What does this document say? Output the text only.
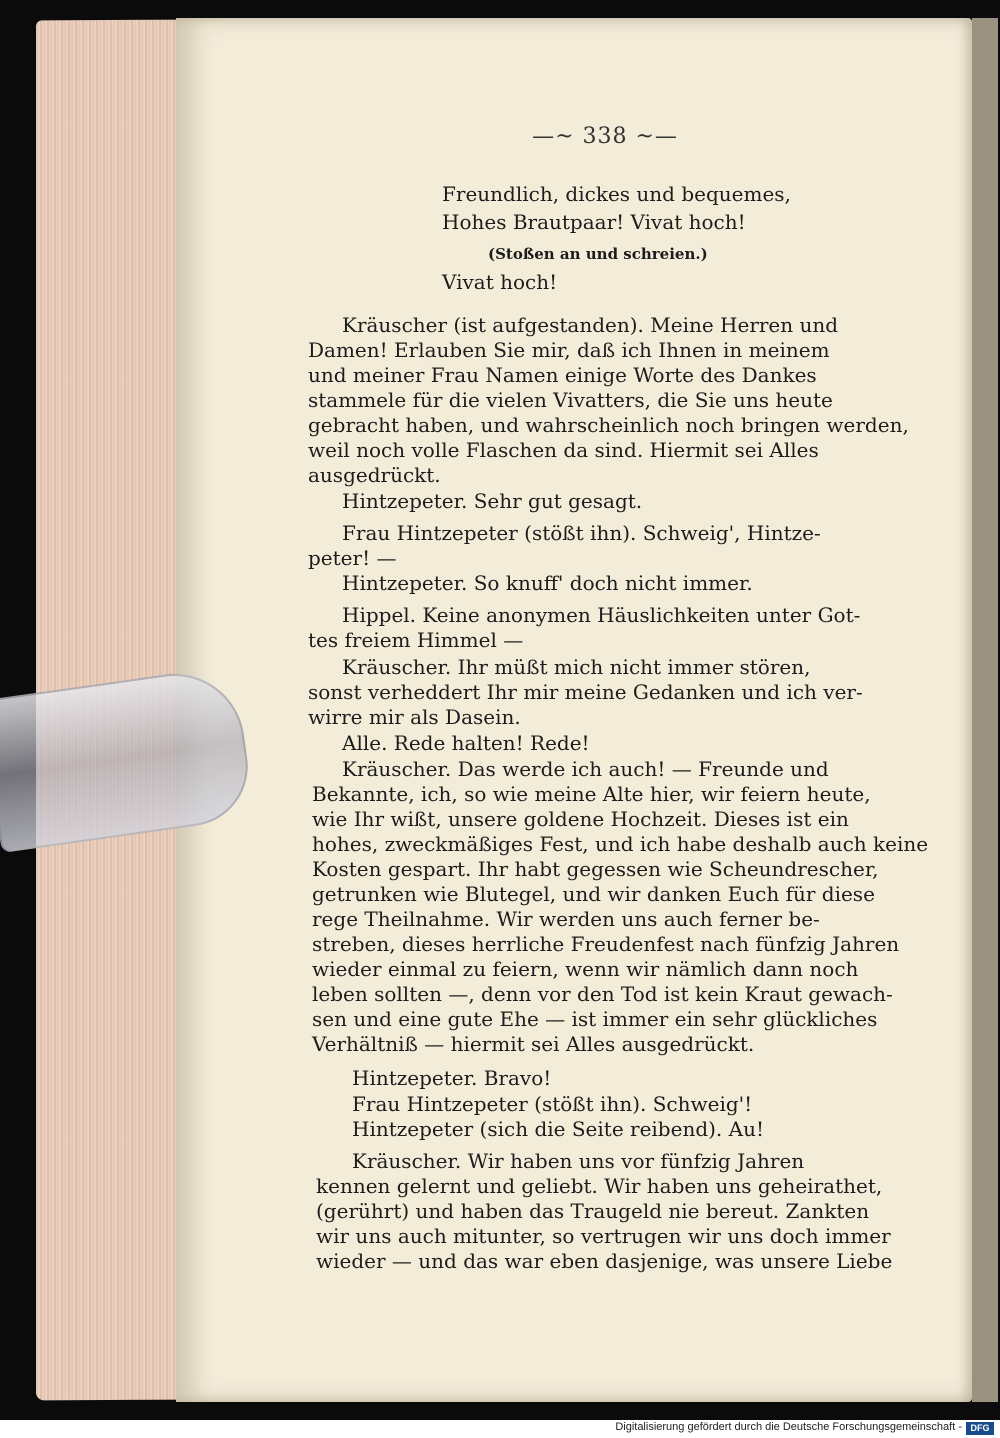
—~ 338 ~—
Freundlich, dickes und bequemes,
Hohes Brautpaar! Vivat hoch!
(Stoßen an und schreien.)
Vivat hoch!
Kräuscher (ist aufgestanden). Meine Herren und
Damen! Erlauben Sie mir, daß ich Ihnen in meinem
und meiner Frau Namen einige Worte des Dankes
stammele für die vielen Vivatters, die Sie uns heute
gebracht haben, und wahrscheinlich noch bringen werden,
weil noch volle Flaschen da sind. Hiermit sei Alles
ausgedrückt.
Hintzepeter. Sehr gut gesagt.
Frau Hintzepeter (stößt ihn). Schweig', Hintze-
peter! —
Hintzepeter. So knuff' doch nicht immer.
Hippel. Keine anonymen Häuslichkeiten unter Got-
tes freiem Himmel —
Kräuscher. Ihr müßt mich nicht immer stören,
sonst verheddert Ihr mir meine Gedanken und ich ver-
wirre mir als Dasein.
Alle. Rede halten! Rede!
Kräuscher. Das werde ich auch! — Freunde und
Bekannte, ich, so wie meine Alte hier, wir feiern heute,
wie Ihr wißt, unsere goldene Hochzeit. Dieses ist ein
hohes, zweckmäßiges Fest, und ich habe deshalb auch keine
Kosten gespart. Ihr habt gegessen wie Scheundrescher,
getrunken wie Blutegel, und wir danken Euch für diese
rege Theilnahme. Wir werden uns auch ferner be-
streben, dieses herrliche Freudenfest nach fünfzig Jahren
wieder einmal zu feiern, wenn wir nämlich dann noch
leben sollten —, denn vor den Tod ist kein Kraut gewach-
sen und eine gute Ehe — ist immer ein sehr glückliches
Verhältniß — hiermit sei Alles ausgedrückt.
Hintzepeter. Bravo!
Frau Hintzepeter (stößt ihn). Schweig'!
Hintzepeter (sich die Seite reibend). Au!
Kräuscher. Wir haben uns vor fünfzig Jahren
kennen gelernt und geliebt. Wir haben uns geheirathet,
(gerührt) und haben das Traugeld nie bereut. Zankten
wir uns auch mitunter, so vertrugen wir uns doch immer
wieder — und das war eben dasjenige, was unsere Liebe
Digitalisierung gefördert durch die Deutsche Forschungsgemeinschaft - DFG
